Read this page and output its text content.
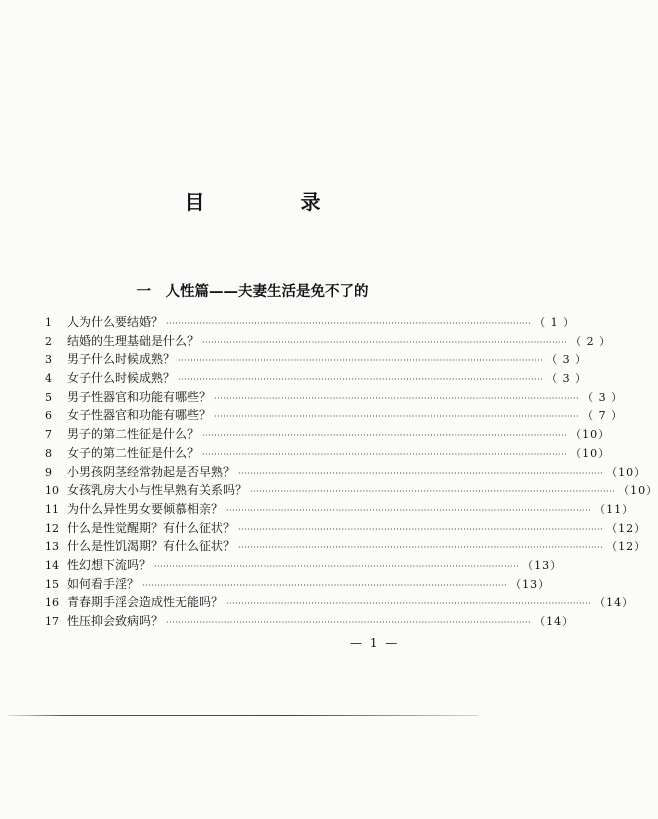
目　录
一　人性篇——夫妻生活是免不了的
1	人为什么要结婚？ ························································································································ （ 1 ）
2	结婚的生理基础是什么？ ························································································································ （ 2 ）
3	男子什么时候成熟？ ························································································································ （ 3 ）
4	女子什么时候成熟？ ························································································································ （ 3 ）
5	男子性器官和功能有哪些？ ························································································································ （ 3 ）
6	女子性器官和功能有哪些？ ························································································································ （ 7 ）
7	男子的第二性征是什么？ ························································································································ （10）
8	女子的第二性征是什么？ ························································································································ （10）
9	小男孩阴茎经常勃起是否早熟？ ························································································································ （10）
10 女孩乳房大小与性早熟有关系吗？ ························································································································ （10）
11 为什么异性男女要倾慕相亲？ ························································································································ （11）
12 什么是性觉醒期？有什么征状？ ························································································································ （12）
13 什么是性饥渴期？有什么征状？ ························································································································ （12）
14 性幻想下流吗？ ························································································································ （13）
15 如何看手淫？ ························································································································ （13）
16 青春期手淫会造成性无能吗？ ························································································································ （14）
17 性压抑会致病吗？ ························································································································ （14）
— 1 —
